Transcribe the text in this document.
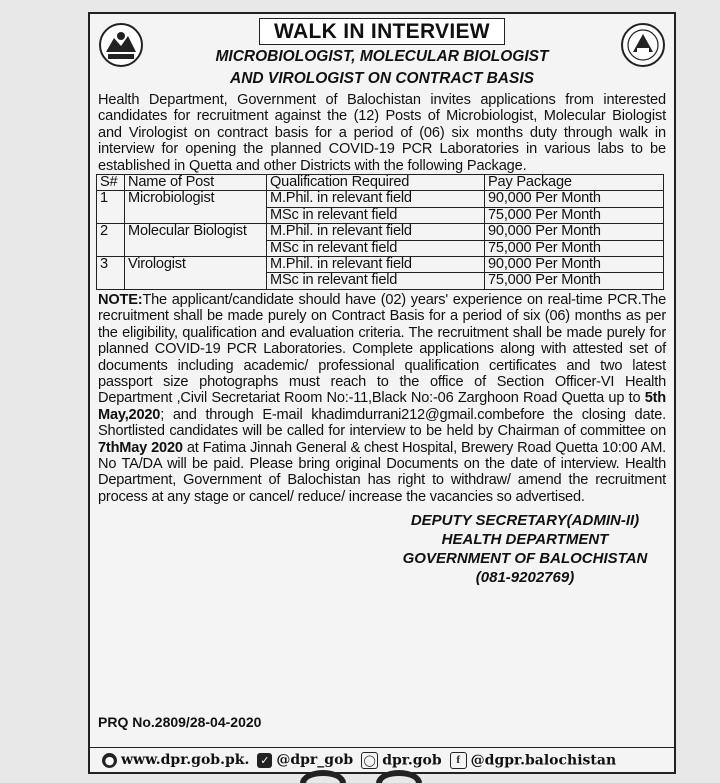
WALK IN INTERVIEW
MICROBIOLOGIST, MOLECULAR BIOLOGIST
AND VIROLOGIST ON CONTRACT BASIS
Health Department, Government of Balochistan invites applications from interested candidates for recruitment against the (12) Posts of Microbiologist, Molecular Biologist and Virologist on contract basis for a period of (06) six months duty through walk in interview for opening the planned COVID-19 PCR Laboratories in various labs to be established in Quetta and other Districts with the following Package.
S#	Name of Post	Qualification Required	Pay Package
1	Microbiologist	M.Phil. in relevant field	90,000 Per Month
		MSc in relevant field	75,000 Per Month
2	Molecular Biologist	M.Phil. in relevant field	90,000 Per Month
		MSc in relevant field	75,000 Per Month
3	Virologist	M.Phil. in relevant field	90,000 Per Month
		MSc in relevant field	75,000 Per Month
NOTE:The applicant/candidate should have (02) years' experience on real-time PCR.The recruitment shall be made purely on Contract Basis for a period of six (06) months as per the eligibility, qualification and evaluation criteria. The recruitment shall be made purely for planned COVID-19 PCR Laboratories. Complete applications along with attested set of documents including academic/ professional qualification certificates and two latest passport size photographs must reach to the office of Section Officer-VI Health Department ,Civil Secretariat Room No:-11,Black No:-06 Zarghoon Road Quetta up to 5th May,2020; and through E-mail khadimdurrani212@gmail.combefore the closing date. Shortlisted candidates will be called for interview to be held by Chairman of committee on 7thMay 2020 at Fatima Jinnah General & chest Hospital, Brewery Road Quetta 10:00 AM. No TA/DA will be paid. Please bring original Documents on the date of interview. Health Department, Government of Balochistan has right to withdraw/ amend the recruitment process at any stage or cancel/ reduce/ increase the vacancies so advertised.
DEPUTY SECRETARY(ADMIN-II)
HEALTH DEPARTMENT
GOVERNMENT OF BALOCHISTAN
(081-9202769)
PRQ No.2809/28-04-2020
● www.dpr.gob.pk. ✓ @dpr_gob ◯ dpr.gob	f @dgpr.balochistan
